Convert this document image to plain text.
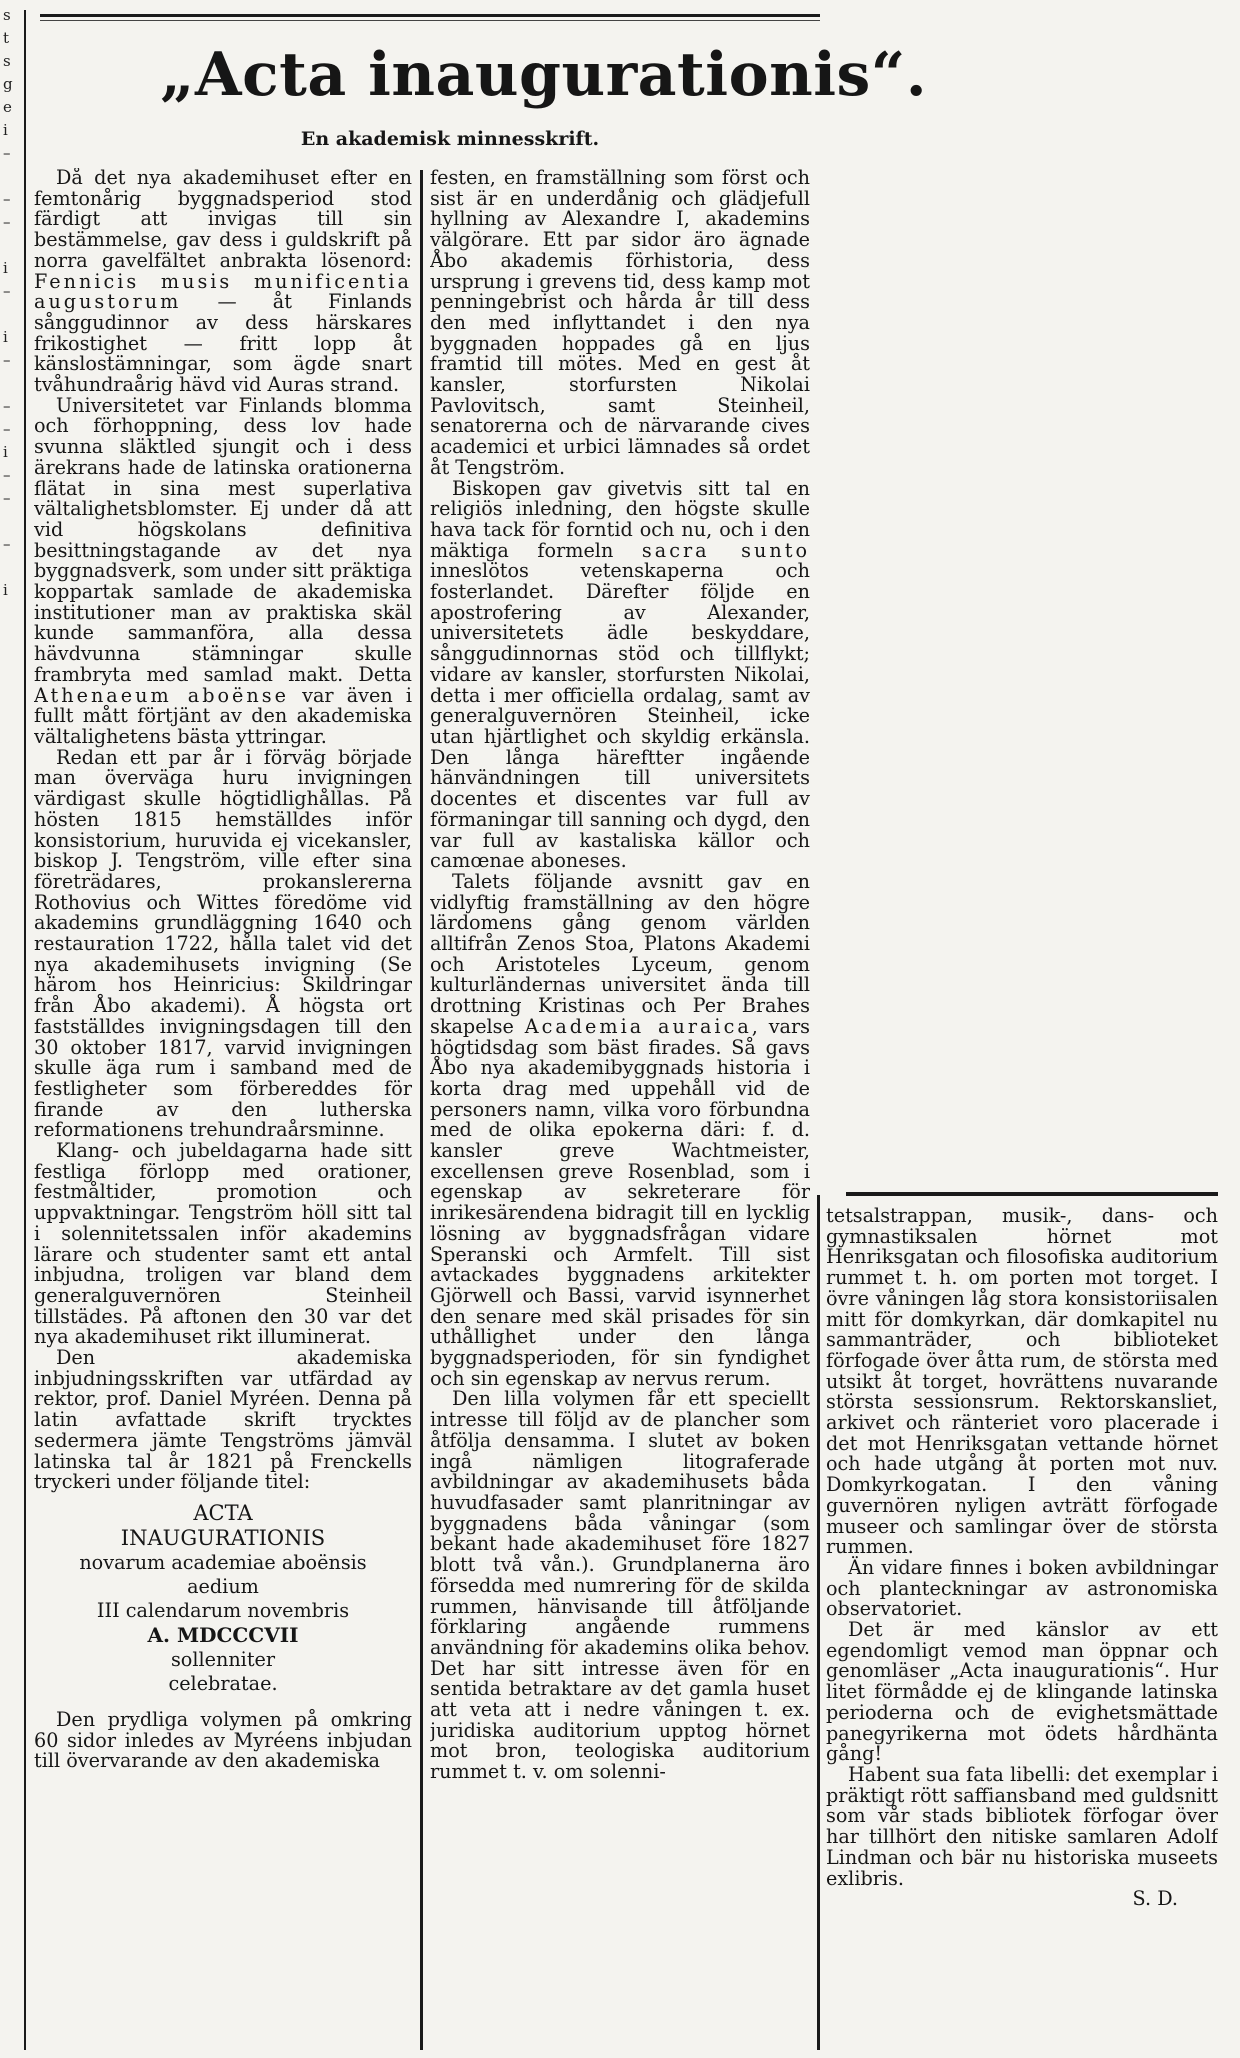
s
t
s
g
e
i
–
–
–
i
–
i
–
–
–
i
–
–
–
i
„Acta inaugurationis“.
En akademisk minnesskrift.

Då det nya akademihuset efter en femtonårig byggnadsperiod stod färdigt att invigas till sin bestämmelse, gav dess i guldskrift på norra gavelfältet anbrakta lösenord: Fennicis musis munificentia augustorum — åt Finlands sånggudinnor av dess härskares frikostighet — fritt lopp åt känslostämningar, som ägde snart tvåhundraårig hävd vid Auras strand.

Universitetet var Finlands blomma och förhoppning, dess lov hade svunna släktled sjungit och i dess ärekrans hade de latinska orationerna flätat in sina mest superlativa vältalighetsblomster. Ej under då att vid högskolans definitiva besittningstagande av det nya byggnadsverk, som under sitt präktiga koppartak samlade de akademiska institutioner man av praktiska skäl kunde sammanföra, alla dessa hävdvunna stämningar skulle frambryta med samlad makt. Detta Athenaeum aboënse var även i fullt mått förtjänt av den akademiska vältalighetens bästa yttringar.

Redan ett par år i förväg började man överväga huru invigningen värdigast skulle högtidlighållas. På hösten 1815 hemställdes inför konsistorium, huruvida ej vicekansler, biskop J. Tengström, ville efter sina företrädares, prokanslererna Rothovius och Wittes föredöme vid akademins grundläggning 1640 och restauration 1722, hålla talet vid det nya akademihusets invigning (Se härom hos Heinricius: Skildringar från Åbo akademi). Å högsta ort fastställdes invigningsdagen till den 30 oktober 1817, varvid invigningen skulle äga rum i samband med de festligheter som förbereddes för firande av den lutherska reformationens trehundraårsminne.

Klang- och jubeldagarna hade sitt festliga förlopp med orationer, festmåltider, promotion och uppvaktningar. Tengström höll sitt tal i solennitetssalen inför akademins lärare och studenter samt ett antal inbjudna, troligen var bland dem generalguvernören Steinheil tillstädes. På aftonen den 30 var det nya akademihuset rikt illuminerat.

Den akademiska inbjudningsskriften var utfärdad av rektor, prof. Daniel Myréen. Denna på latin avfattade skrift trycktes sedermera jämte Tengströms jämväl latinska tal år 1821 på Frenckells tryckeri under följande titel:

ACTA
INAUGURATIONIS
novarum academiae aboënsis
aedium
III calendarum novembris
A. MDCCCVII
sollenniter
celebratae.

Den prydliga volymen på omkring 60 sidor inledes av Myréens inbjudan till övervarande av den akademiska

festen, en framställning som först och sist är en underdånig och glädjefull hyllning av Alexandre I, akademins välgörare. Ett par sidor äro ägnade Åbo akademis förhistoria, dess ursprung i grevens tid, dess kamp mot penningebrist och hårda år till dess den med inflyttandet i den nya byggnaden hoppades gå en ljus framtid till mötes. Med en gest åt kansler, storfursten Nikolai Pavlovitsch, samt Steinheil, senatorerna och de närvarande cives academici et urbici lämnades så ordet åt Tengström.

Biskopen gav givetvis sitt tal en religiös inledning, den högste skulle hava tack för forntid och nu, och i den mäktiga formeln sacra sunto inneslötos vetenskaperna och fosterlandet. Därefter följde en apostrofering av Alexander, universitetets ädle beskyddare, sånggudinnornas stöd och tillflykt; vidare av kansler, storfursten Nikolai, detta i mer officiella ordalag, samt av generalguvernören Steinheil, icke utan hjärtlighet och skyldig erkänsla. Den långa häreftter ingående hänvändningen till universitets docentes et discentes var full av förmaningar till sanning och dygd, den var full av kastaliska källor och camœnae aboneses.

Talets följande avsnitt gav en vidlyftig framställning av den högre lärdomens gång genom världen alltifrån Zenos Stoa, Platons Akademi och Aristoteles Lyceum, genom kulturländernas universitet ända till drottning Kristinas och Per Brahes skapelse Academia auraica, vars högtidsdag som bäst firades. Så gavs Åbo nya akademibyggnads historia i korta drag med uppehåll vid de personers namn, vilka voro förbundna med de olika epokerna däri: f. d. kansler greve Wachtmeister, excellensen greve Rosenblad, som i egenskap av sekreterare för inrikesärendena bidragit till en lycklig lösning av byggnadsfrågan vidare Speranski och Armfelt. Till sist avtackades byggnadens arkitekter Gjörwell och Bassi, varvid isynnerhet den senare med skäl prisades för sin uthållighet under den långa byggnadsperioden, för sin fyndighet och sin egenskap av nervus rerum.

Den lilla volymen får ett speciellt intresse till följd av de plancher som åtfölja densamma. I slutet av boken ingå nämligen litograferade avbildningar av akademihusets båda huvudfasader samt planritningar av byggnadens båda våningar (som bekant hade akademihuset före 1827 blott två vån.). Grundplanerna äro försedda med numrering för de skilda rummen, hänvisande till åtföljande förklaring angående rummens användning för akademins olika behov. Det har sitt intresse även för en sentida betraktare av det gamla huset att veta att i nedre våningen t. ex. juridiska auditorium upptog hörnet mot bron, teologiska auditorium rummet t. v. om solenni-

tetsalstrappan, musik-, dans- och gymnastiksalen hörnet mot Henriksgatan och filosofiska auditorium rummet t. h. om porten mot torget. I övre våningen låg stora konsistoriisalen mitt för domkyrkan, där domkapitel nu sammanträder, och biblioteket förfogade över åtta rum, de största med utsikt åt torget, hovrättens nuvarande största sessionsrum. Rektorskansliet, arkivet och ränteriet voro placerade i det mot Henriksgatan vettande hörnet och hade utgång åt porten mot nuv. Domkyrkogatan. I den våning guvernören nyligen avträtt förfogade museer och samlingar över de största rummen.

Än vidare finnes i boken avbildningar och planteckningar av astronomiska observatoriet.

Det är med känslor av ett egendomligt vemod man öppnar och genomläser „Acta inaugurationis“. Hur litet förmådde ej de klingande latinska perioderna och de evighetsmättade panegyrikerna mot ödets hårdhänta gång!

Habent sua fata libelli: det exemplar i präktigt rött saffiansband med guldsnitt som vår stads bibliotek förfogar över har tillhört den nitiske samlaren Adolf Lindman och bär nu historiska museets exlibris.

S. D.
